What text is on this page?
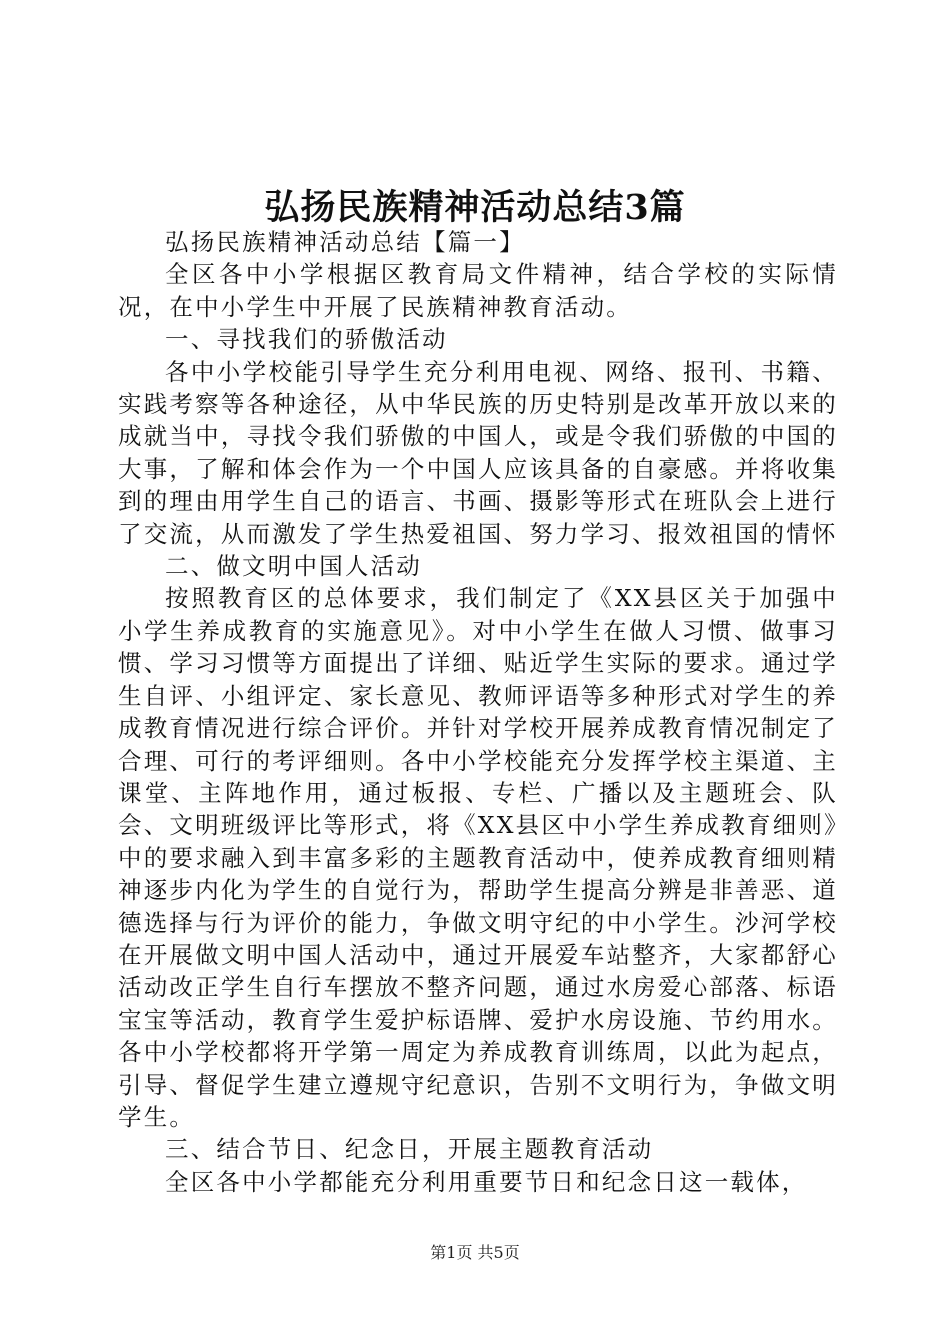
弘扬民族精神活动总结3篇

弘扬民族精神活动总结【篇一】

全区各中小学根据区教育局文件精神，结合学校的实际情况，在中小学生中开展了民族精神教育活动。

一、寻找我们的骄傲活动

各中小学校能引导学生充分利用电视、网络、报刊、书籍、实践考察等各种途径，从中华民族的历史特别是改革开放以来的成就当中，寻找令我们骄傲的中国人，或是令我们骄傲的中国的大事，了解和体会作为一个中国人应该具备的自豪感。并将收集到的理由用学生自己的语言、书画、摄影等形式在班队会上进行了交流，从而激发了学生热爱祖国、努力学习、报效祖国的情怀

二、做文明中国人活动

按照教育区的总体要求，我们制定了《XX县区关于加强中小学生养成教育的实施意见》。对中小学生在做人习惯、做事习惯、学习习惯等方面提出了详细、贴近学生实际的要求。通过学生自评、小组评定、家长意见、教师评语等多种形式对学生的养成教育情况进行综合评价。并针对学校开展养成教育情况制定了合理、可行的考评细则。各中小学校能充分发挥学校主渠道、主课堂、主阵地作用，通过板报、专栏、广播以及主题班会、队会、文明班级评比等形式，将《XX县区中小学生养成教育细则》中的要求融入到丰富多彩的主题教育活动中，使养成教育细则精神逐步内化为学生的自觉行为，帮助学生提高分辨是非善恶、道德选择与行为评价的能力，争做文明守纪的中小学生。沙河学校在开展做文明中国人活动中，通过开展爱车站整齐，大家都舒心活动改正学生自行车摆放不整齐问题，通过水房爱心部落、标语宝宝等活动，教育学生爱护标语牌、爱护水房设施、节约用水。各中小学校都将开学第一周定为养成教育训练周，以此为起点，引导、督促学生建立遵规守纪意识，告别不文明行为，争做文明学生。

三、结合节日、纪念日，开展主题教育活动

全区各中小学都能充分利用重要节日和纪念日这一载体，

第1页 共5页
